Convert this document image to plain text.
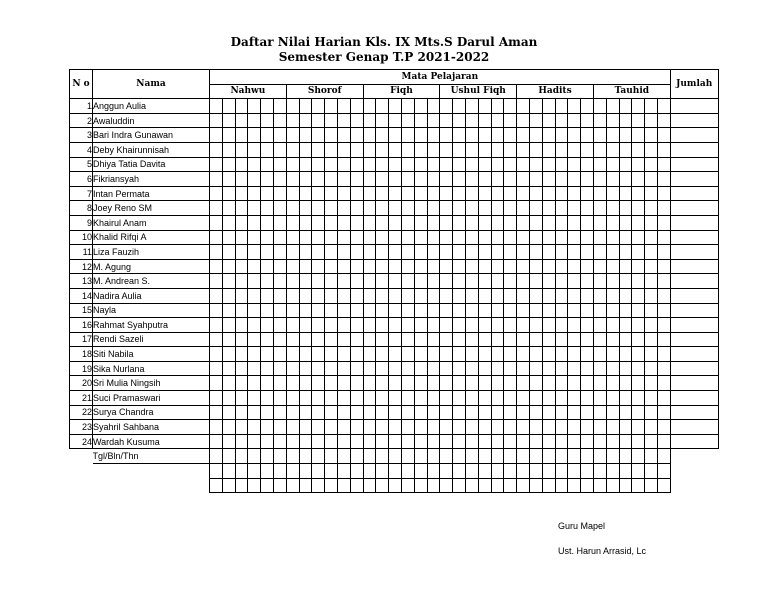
Daftar Nilai Harian Kls. IX Mts.S Darul Aman
Semester Genap T.P 2021-2022
N o	Nama	Mata Pelajaran																																				Jumlah
		Nahwu						Shorof						Fiqh						Ushul Fiqh						Hadits						Tauhid						
1	Anggun Aulia																																					
2	Awaluddin																																					
3	Bari Indra Gunawan																																					
4	Deby Khairunnisah																																					
5	Dhiya Tatia Davita																																					
6	Fikriansyah																																					
7	Intan Permata																																					
8	Joey Reno SM																																					
9	Khairul Anam																																					
10	Khalid Rifqi A																																					
11	Liza Fauzih																																					
12	M. Agung																																					
13	M. Andrean S.																																					
14	Nadira Aulia																																					
15	Nayla																																					
16	Rahmat Syahputra																																					
17	Rendi Sazeli																																					
18	Siti Nabila																																					
19	Sika Nurlana																																					
20	Sri Mulia Ningsih																																					
21	Suci Pramaswari																																					
22	Surya Chandra																																					
23	Syahril Sahbana																																					
24	Wardah Kusuma																																					
	Tgl/Bln/Thn																																					

Guru Mapel
Ust. Harun Arrasid, Lc
